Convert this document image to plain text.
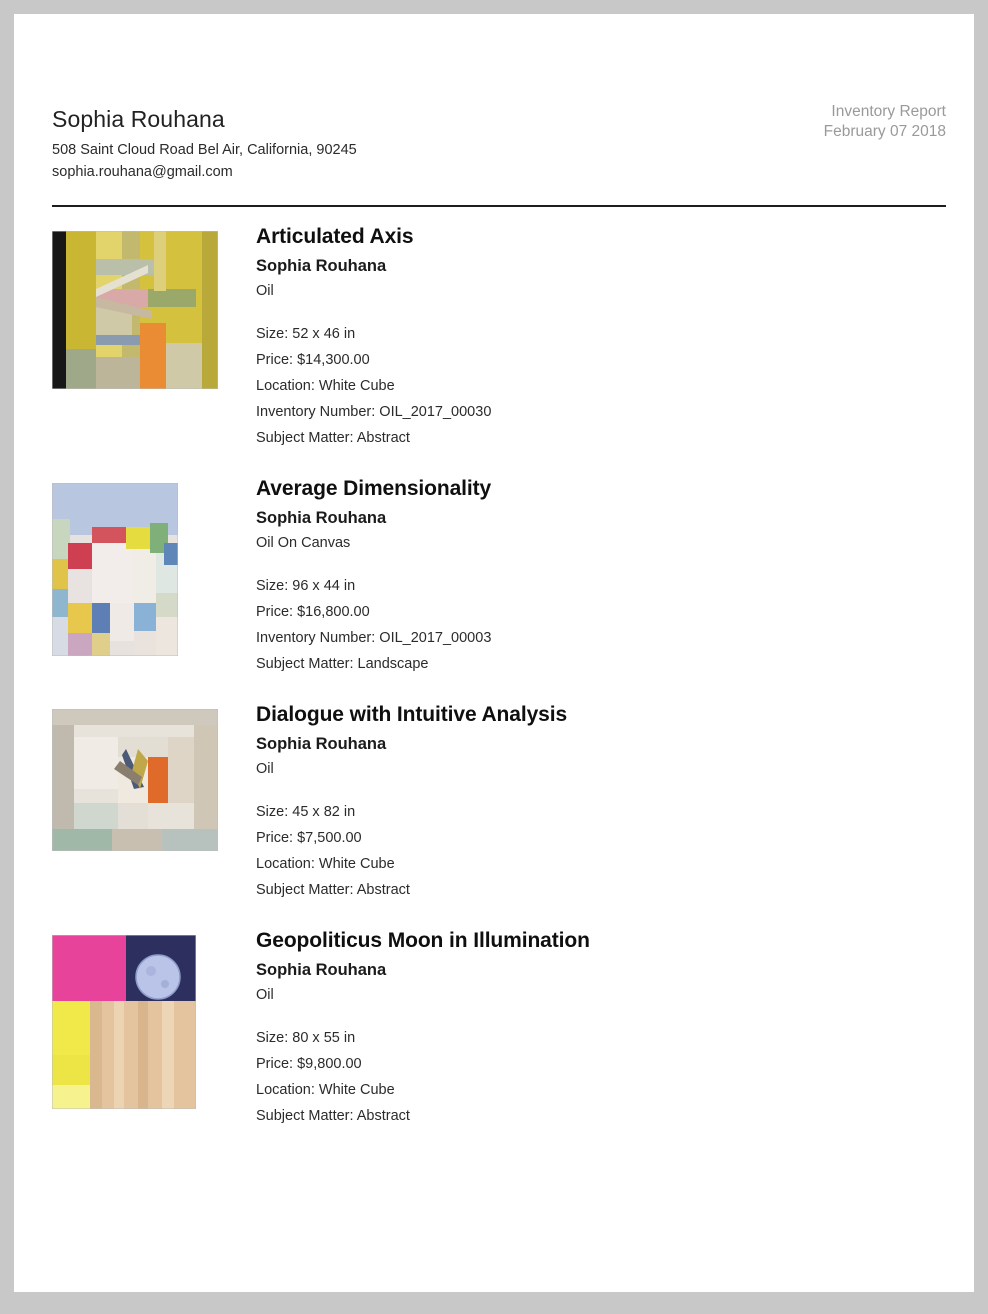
Inventory Report
February 07 2018
Sophia Rouhana
508 Saint Cloud Road Bel Air, California, 90245
sophia.rouhana@gmail.com
Articulated Axis
Sophia Rouhana
Oil
Size: 52 x 46 in
Price: $14,300.00
Location: White Cube
Inventory Number: OIL_2017_00030
Subject Matter: Abstract
Average Dimensionality
Sophia Rouhana
Oil On Canvas
Size: 96 x 44 in
Price: $16,800.00
Inventory Number: OIL_2017_00003
Subject Matter: Landscape
Dialogue with Intuitive Analysis
Sophia Rouhana
Oil
Size: 45 x 82 in
Price: $7,500.00
Location: White Cube
Subject Matter: Abstract
Geopoliticus Moon in Illumination
Sophia Rouhana
Oil
Size: 80 x 55 in
Price: $9,800.00
Location: White Cube
Subject Matter: Abstract
